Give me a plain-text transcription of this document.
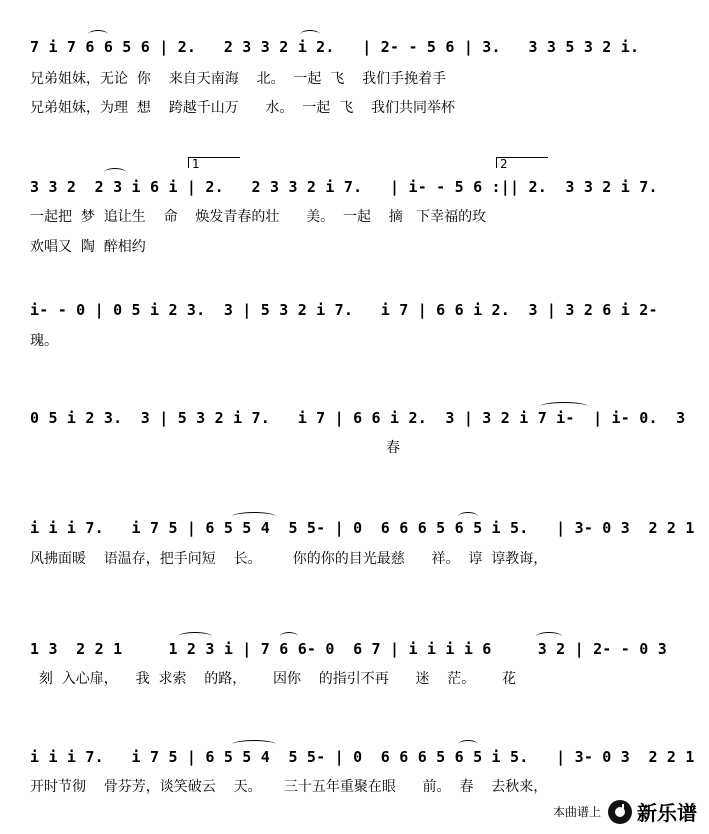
7 i 7 6 6 5 6 | 2.   2 3 3 2 i 2.   | 2- - 5 6 | 3.   3 3 5 3 2 i.
兄弟姐妹，无论  你    来自天南海    北。  一起  飞    我们手挽着手
兄弟姐妹，为理  想    跨越千山万      水。  一起  飞    我们共同举杯
1	2
3 3 2  2 3 i 6 i | 2.   2 3 3 2 i 7.   | i- - 5 6 :|| 2.  3 3 2 i 7.
一起把  梦  追让生    命    焕发青春的壮      美。  一起    摘   下幸福的玫
欢唱又  陶  醉相约
i- - 0 | 0 5 i 2 3.  3 | 5 3 2 i 7.   i 7 | 6 6 i 2.  3 | 3 2 6 i 2-
瑰。
0 5 i 2 3.  3 | 5 3 2 i 7.   i 7 | 6 6 i 2.  3 | 3 2 i 7 i-  | i- 0.  3
春
i i i 7.   i 7 5 | 6 5 5 4  5 5- | 0  6 6 6 5 6 5 i 5.   | 3- 0 3  2 2 1
风拂面暖    语温存，把手问短    长。       你的你的目光最慈      祥。  谆  谆教诲，
1 3  2 2 1     1 2 3 i | 7 6 6- 0  6 7 | i i i i 6     3 2 | 2- - 0 3
刻  入心扉，    我  求索    的路，      因你    的指引不再      迷    茫。      花
i i i 7.   i 7 5 | 6 5 5 4  5 5- | 0  6 6 6 5 6 5 i 5.   | 3- 0 3  2 2 1
开时节彻    骨芬芳，谈笑破云    天。     三十五年重聚在眼      前。  春    去秋来，
本曲谱上 新乐谱
